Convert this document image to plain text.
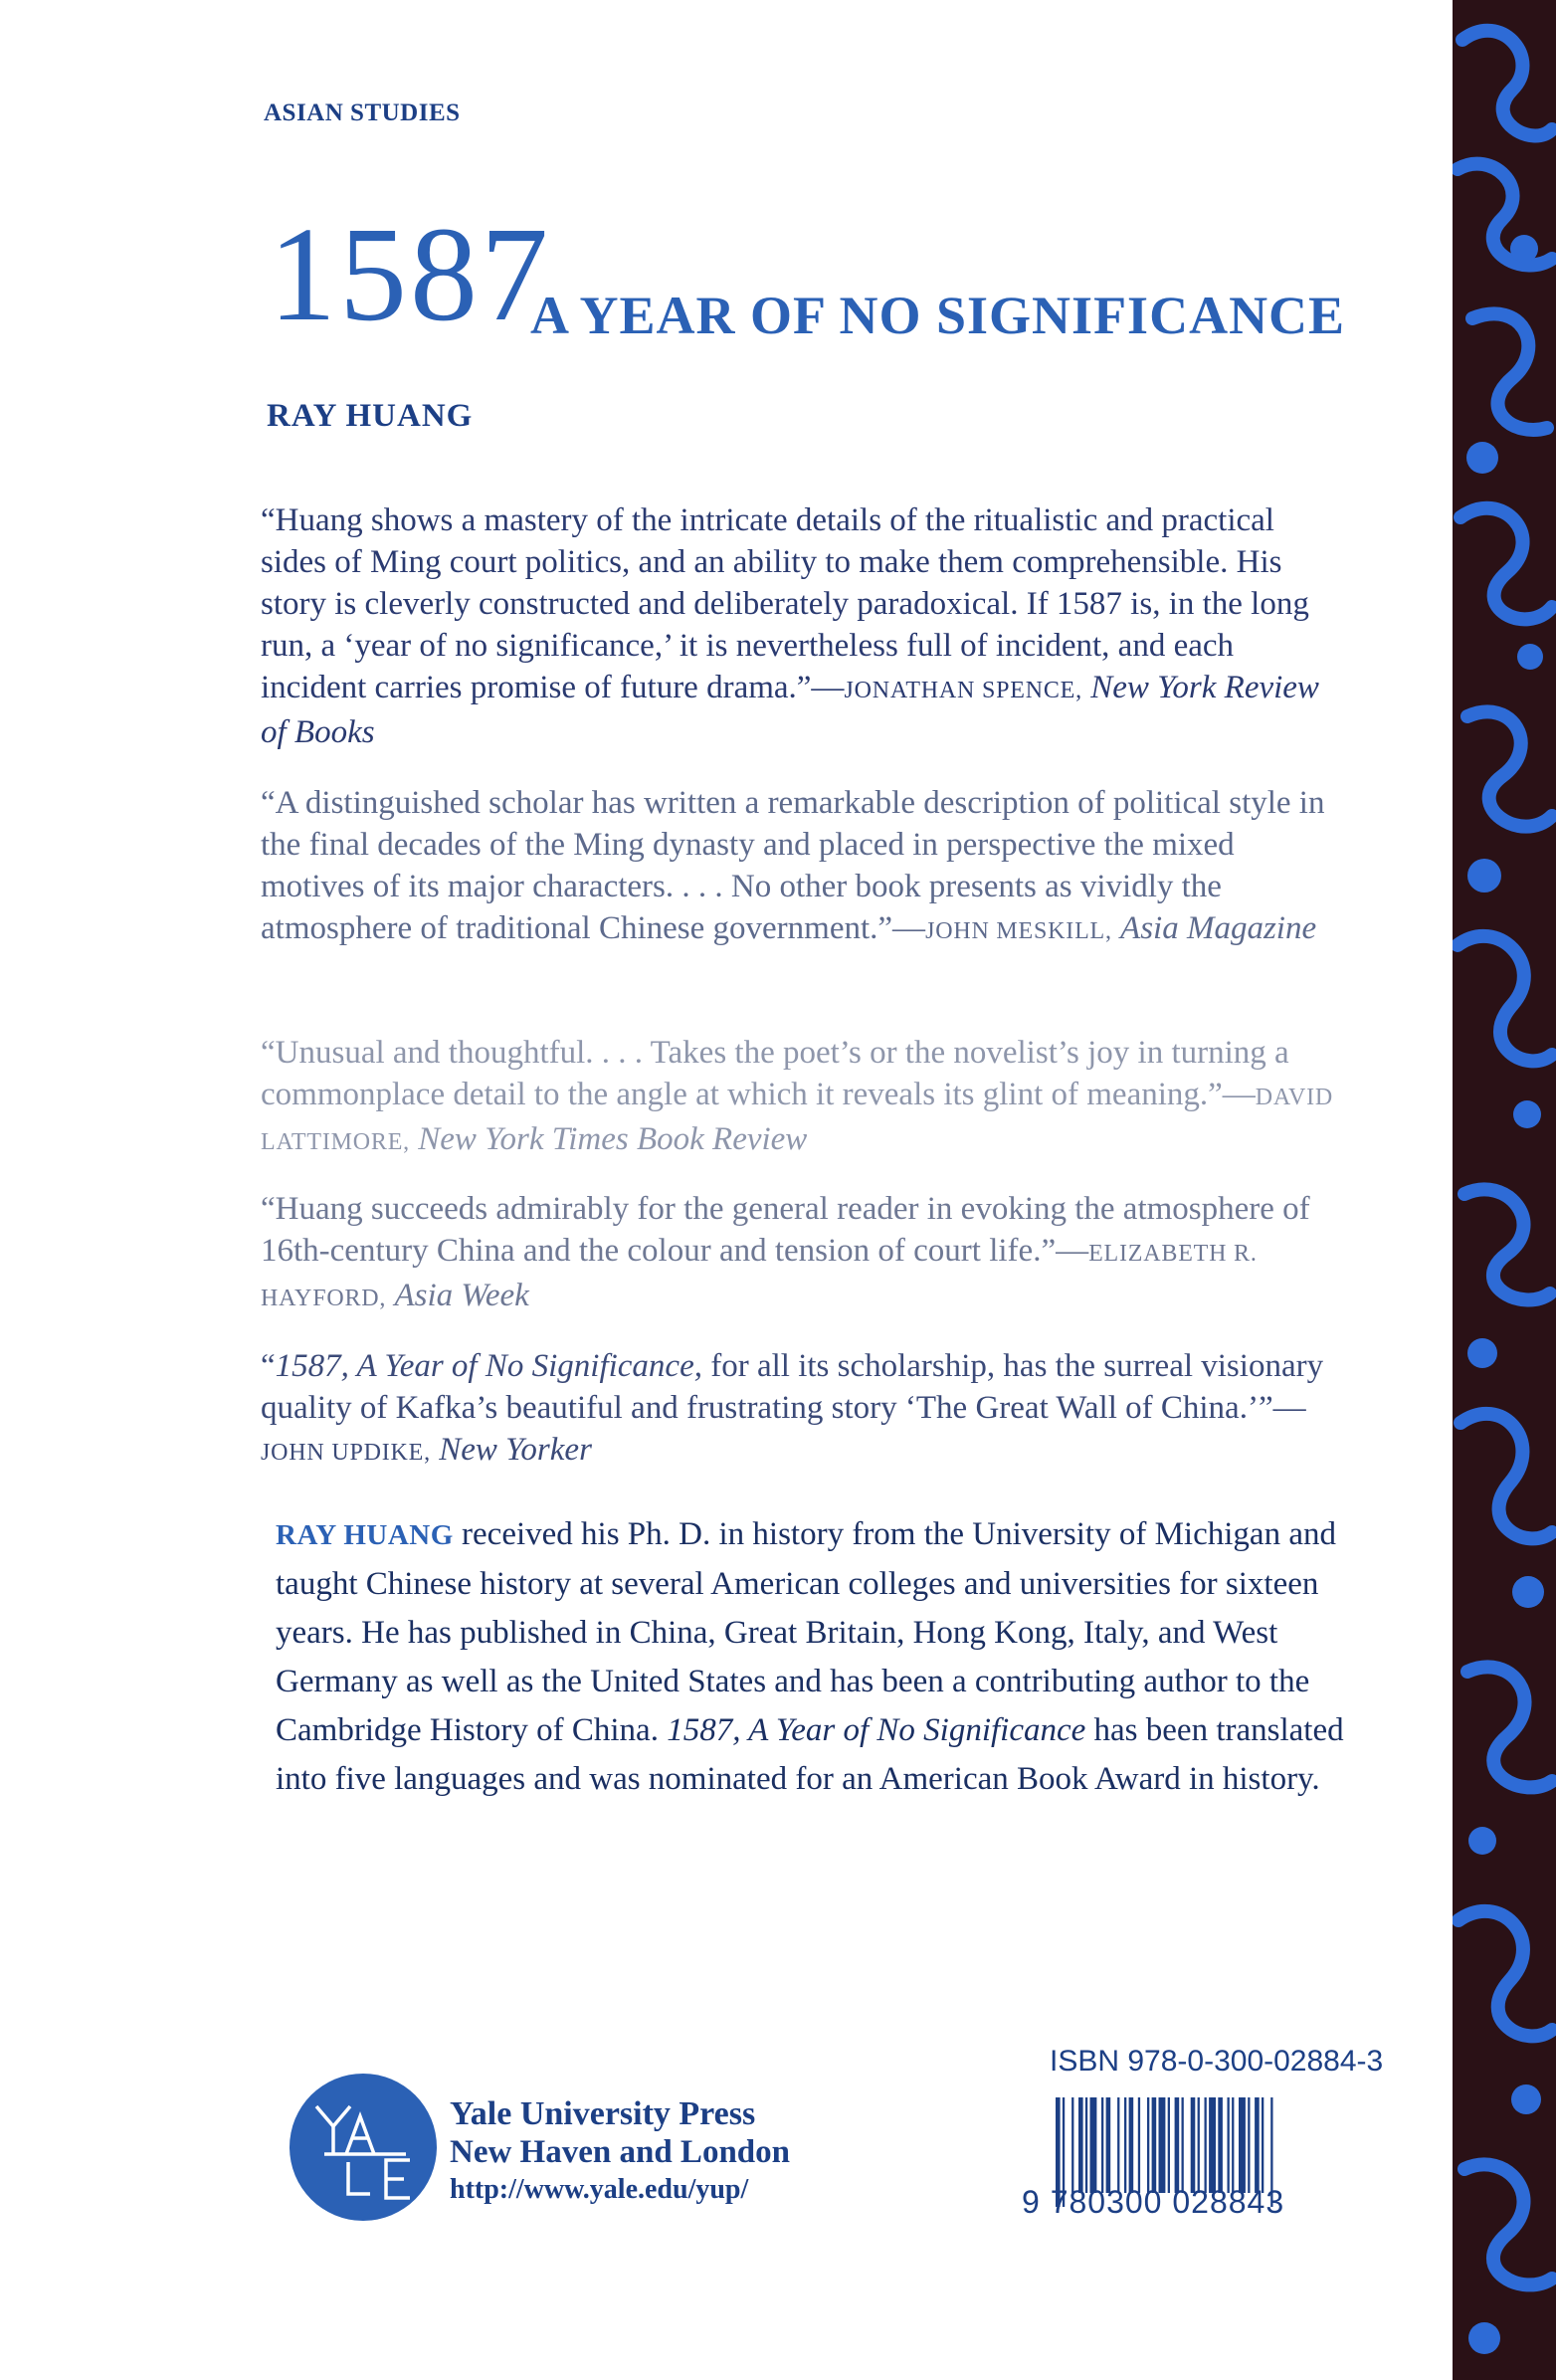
ASIAN STUDIES
1587
A YEAR OF NO SIGNIFICANCE
RAY HUANG
“Huang shows a mastery of the intricate details of the ritualistic and practical sides of Ming court politics, and an ability to make them comprehensible. His story is cleverly constructed and deliberately paradoxical. If 1587 is, in the long run, a ‘year of no significance,’ it is nevertheless full of incident, and each incident carries promise of future drama.”—JONATHAN SPENCE, New York Review of Books
“A distinguished scholar has written a remarkable description of political style in the final decades of the Ming dynasty and placed in perspective the mixed motives of its major characters. . . . No other book presents as vividly the atmosphere of traditional Chinese government.”—JOHN MESKILL, Asia Magazine
“Unusual and thoughtful. . . . Takes the poet’s or the novelist’s joy in turning a commonplace detail to the angle at which it reveals its glint of meaning.”—DAVID LATTIMORE, New York Times Book Review
“Huang succeeds admirably for the general reader in evoking the atmosphere of 16th-century China and the colour and tension of court life.”—ELIZABETH R. HAYFORD, Asia Week
“1587, A Year of No Significance, for all its scholarship, has the surreal visionary quality of Kafka’s beautiful and frustrating story ‘The Great Wall of China.’”—JOHN UPDIKE, New Yorker
RAY HUANG received his Ph. D. in history from the University of Michigan and taught Chinese history at several American colleges and universities for sixteen years. He has published in China, Great Britain, Hong Kong, Italy, and West Germany as well as the United States and has been a contributing author to the Cambridge History of China. 1587, A Year of No Significance has been translated into five languages and was nominated for an American Book Award in history.
Yale University Press
New Haven and London
http://www.yale.edu/yup/
ISBN 978-0-300-02884-3
9 780300 028843
